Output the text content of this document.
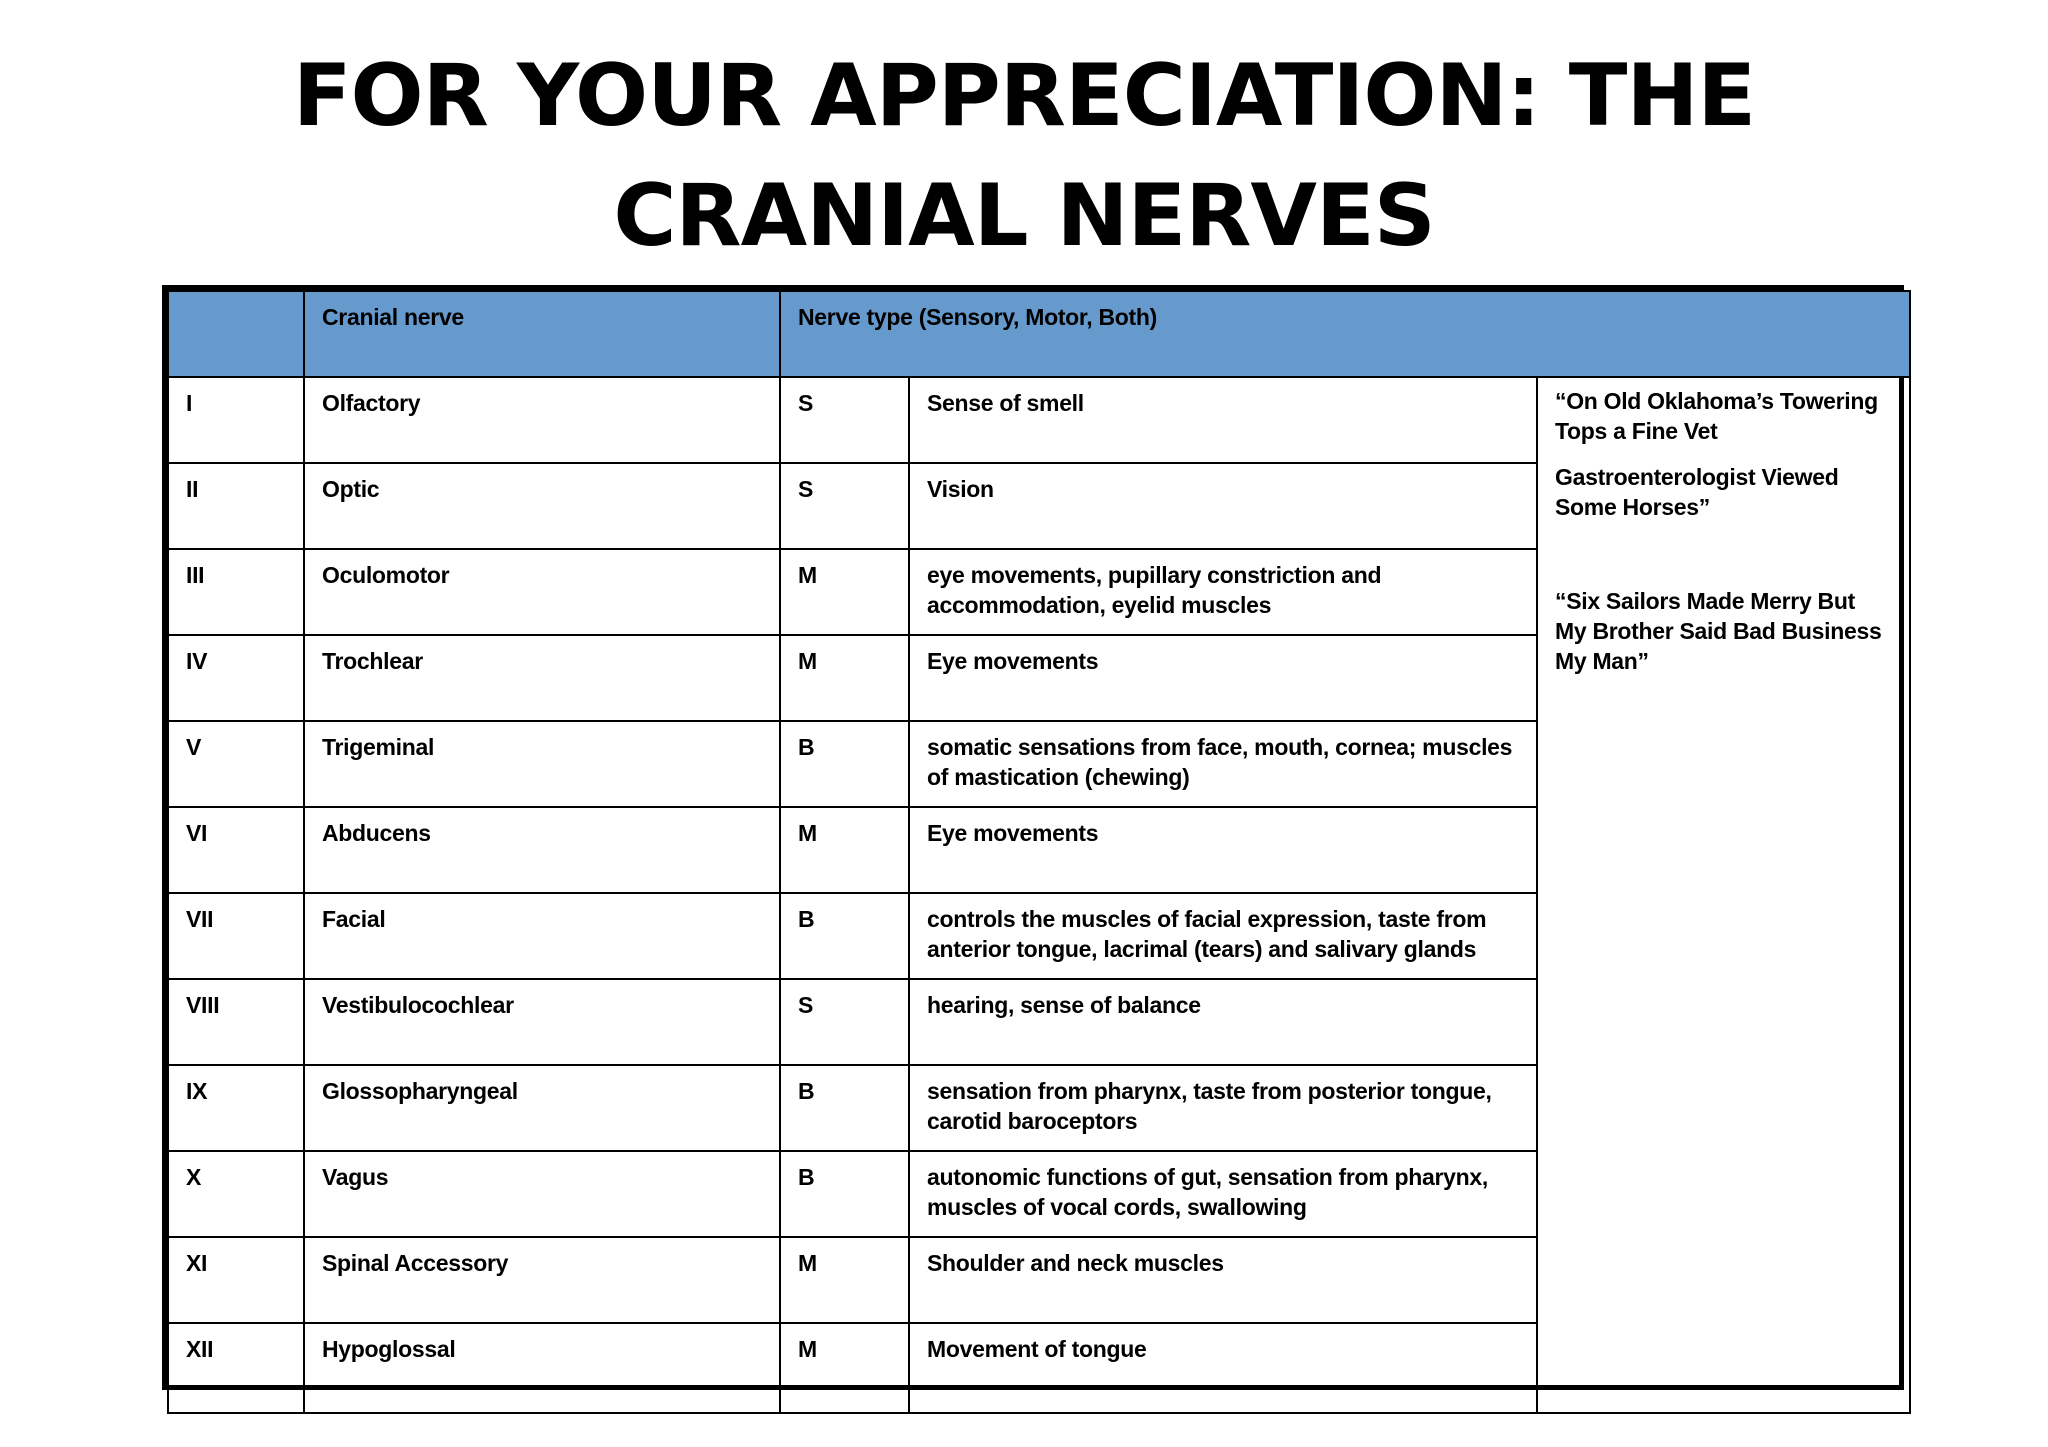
FOR YOUR APPRECIATION: THE
CRANIAL NERVES
	Cranial nerve	Nerve type (Sensory, Motor, Both)		
I	Olfactory	S	Sense of smell	“On Old Oklahoma’s Towering Tops a Fine Vet
Gastroenterologist Viewed Some Horses”
“Six Sailors Made Merry But My Brother Said Bad Business My Man”

II	Optic	S	Vision	
III	Oculomotor	M	eye movements, pupillary constriction and accommodation, eyelid muscles	
IV	Trochlear	M	Eye movements	
V	Trigeminal	B	somatic sensations from face, mouth, cornea; muscles of mastication (chewing)	
VI	Abducens	M	Eye movements	
VII	Facial	B	controls the muscles of facial expression, taste from anterior tongue, lacrimal (tears) and salivary glands	
VIII	Vestibulocochlear	S	hearing, sense of balance	
IX	Glossopharyngeal	B	sensation from pharynx, taste from posterior tongue, carotid baroceptors	
X	Vagus	B	autonomic functions of gut, sensation from pharynx, muscles of vocal cords, swallowing	
XI	Spinal Accessory	M	Shoulder and neck muscles	
XII	Hypoglossal	M	Movement of tongue	
